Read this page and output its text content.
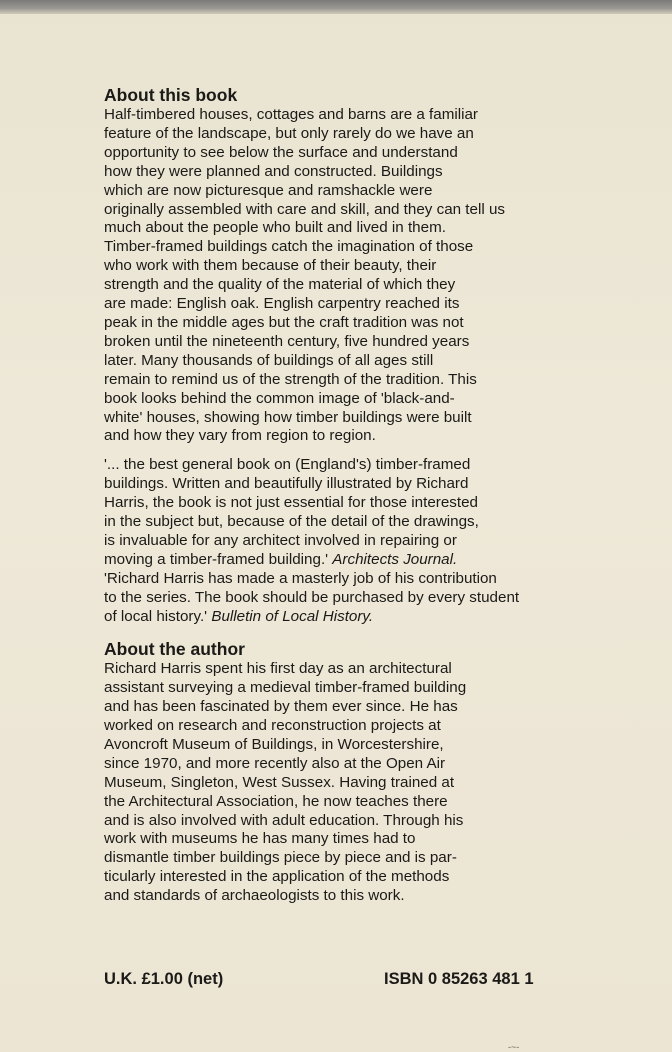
About this book
Half-timbered houses, cottages and barns are a familiar
feature of the landscape, but only rarely do we have an
opportunity to see below the surface and understand
how they were planned and constructed. Buildings
which are now picturesque and ramshackle were
originally assembled with care and skill, and they can tell us
much about the people who built and lived in them.
Timber-framed buildings catch the imagination of those
who work with them because of their beauty, their
strength and the quality of the material of which they
are made: English oak. English carpentry reached its
peak in the middle ages but the craft tradition was not
broken until the nineteenth century, five hundred years
later. Many thousands of buildings of all ages still
remain to remind us of the strength of the tradition. This
book looks behind the common image of 'black-and-
white' houses, showing how timber buildings were built
and how they vary from region to region.
'... the best general book on (England's) timber-framed
buildings. Written and beautifully illustrated by Richard
Harris, the book is not just essential for those interested
in the subject but, because of the detail of the drawings,
is invaluable for any architect involved in repairing or
moving a timber-framed building.' Architects Journal.
'Richard Harris has made a masterly job of his contribution
to the series. The book should be purchased by every student
of local history.' Bulletin of Local History.
About the author
Richard Harris spent his first day as an architectural
assistant surveying a medieval timber-framed building
and has been fascinated by them ever since. He has
worked on research and reconstruction projects at
Avoncroft Museum of Buildings, in Worcestershire,
since 1970, and more recently also at the Open Air
Museum, Singleton, West Sussex. Having trained at
the Architectural Association, he now teaches there
and is also involved with adult education. Through his
work with museums he has many times had to
dismantle timber buildings piece by piece and is par-
ticularly interested in the application of the methods
and standards of archaeologists to this work.
U.K. £1.00 (net)	ISBN 0 85263 481 1
-~-
